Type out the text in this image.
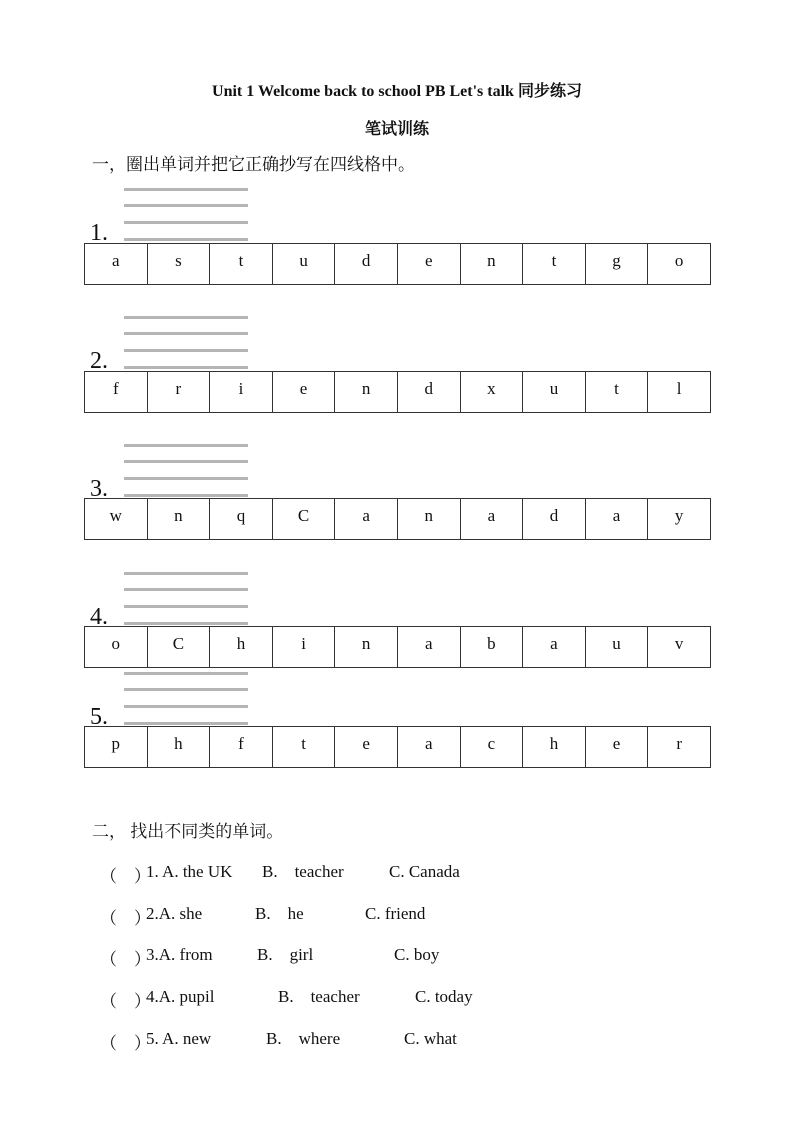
Unit 1 Welcome back to school PB Let's talk 同步练习
笔试训练
一，圈出单词并把它正确抄写在四线格中。
1.
a	s	t	u	d	e	n	t	g	o
2.
f	r	i	e	n	d	x	u	t	l
3.
w	n	q	C	a	n	a	d	a	y
4.
o	C	h	i	n	a	b	a	u	v
5.
p	h	f	t	e	a	c	h	e	r
二， 找出不同类的单词。

（    ）

1. A. the UK

B.    teacher

	C. Canada

（    ）

2.A. she

	B.    he

	C. friend

（    ）

3.A. from

	B.    girl

	C. boy

（    ）

4.A. pupil

	B.    teacher

	C. today

（    ）

5. A. new

	B.    where

	C. what
